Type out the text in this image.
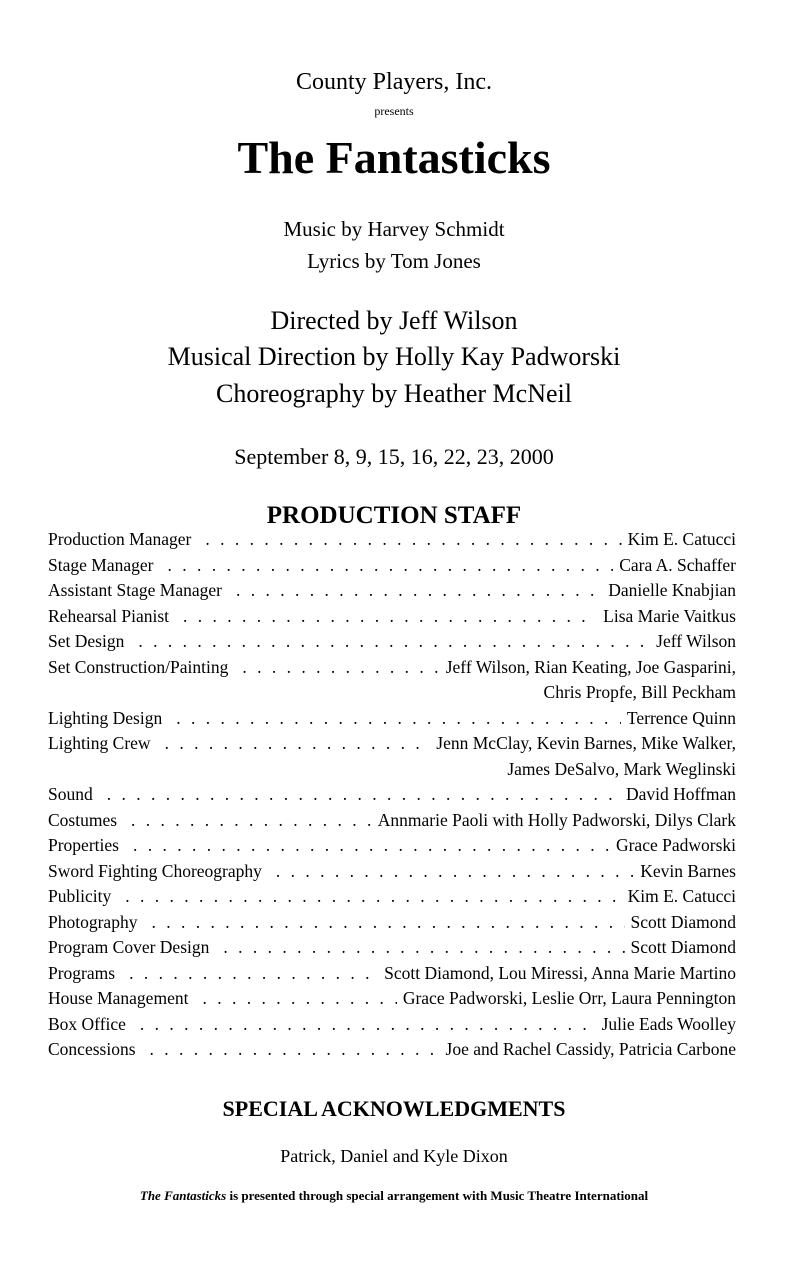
County Players, Inc.
presents
The Fantasticks
Music by Harvey Schmidt
Lyrics by Tom Jones
Directed by Jeff Wilson
Musical Direction by Holly Kay Padworski
Choreography by Heather McNeil
September 8, 9, 15, 16, 22, 23, 2000
PRODUCTION STAFF
Production Manager . . .	Kim E. Catucci
Stage Manager . . .	Cara A. Schaffer
Assistant Stage Manager . . .	Danielle Knabjian
Rehearsal Pianist . . .	Lisa Marie Vaitkus
Set Design . . .	Jeff Wilson
Set Construction/Painting . . .	Jeff Wilson, Rian Keating, Joe Gasparini,
Chris Propfe, Bill Peckham
Lighting Design . . .	Terrence Quinn
Lighting Crew . . .	Jenn McClay, Kevin Barnes, Mike Walker,
James DeSalvo, Mark Weglinski
Sound . . .	David Hoffman
Costumes . . .	Annmarie Paoli with Holly Padworski, Dilys Clark
Properties . . .	Grace Padworski
Sword Fighting Choreography . . .	Kevin Barnes
Publicity . . .	Kim E. Catucci
Photography . . .	Scott Diamond
Program Cover Design . . .	Scott Diamond
Programs . . .	Scott Diamond, Lou Miressi, Anna Marie Martino
House Management . . .	Grace Padworski, Leslie Orr, Laura Pennington
Box Office . . .	Julie Eads Woolley
Concessions . . .	Joe and Rachel Cassidy, Patricia Carbone
SPECIAL ACKNOWLEDGMENTS
Patrick, Daniel and Kyle Dixon
The Fantasticks is presented through special arrangement with Music Theatre International
